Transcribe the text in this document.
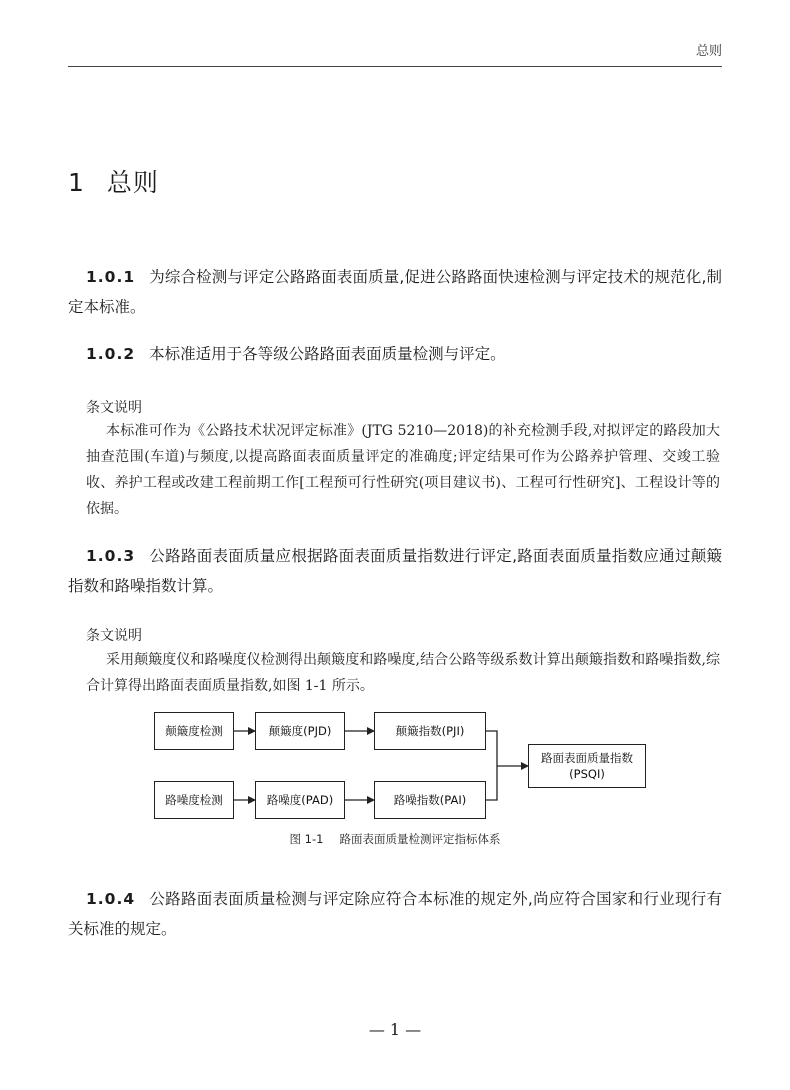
总则
1 总则
1.0.1 为综合检测与评定公路路面表面质量,促进公路路面快速检测与评定技术的规范化,制定本标准。
1.0.2 本标准适用于各等级公路路面表面质量检测与评定。
条文说明
本标准可作为《公路技术状况评定标准》(JTG 5210—2018)的补充检测手段,对拟评定的路段加大抽查范围(车道)与频度,以提高路面表面质量评定的准确度;评定结果可作为公路养护管理、交竣工验收、养护工程或改建工程前期工作[工程预可行性研究(项目建议书)、工程可行性研究]、工程设计等的依据。
1.0.3 公路路面表面质量应根据路面表面质量指数进行评定,路面表面质量指数应通过颠簸指数和路噪指数计算。
条文说明
采用颠簸度仪和路噪度仪检测得出颠簸度和路噪度,结合公路等级系数计算出颠簸指数和路噪指数,综合计算得出路面表面质量指数,如图 1-1 所示。
颠簸度检测	颠簸度(PJD)	颠簸指数(PJI)
路噪度检测	路噪度(PAD)	路噪指数(PAI)
路面表面质量指数
(PSQI)
图 1-1 路面表面质量检测评定指标体系
1.0.4 公路路面表面质量检测与评定除应符合本标准的规定外,尚应符合国家和行业现行有关标准的规定。
— 1 —
